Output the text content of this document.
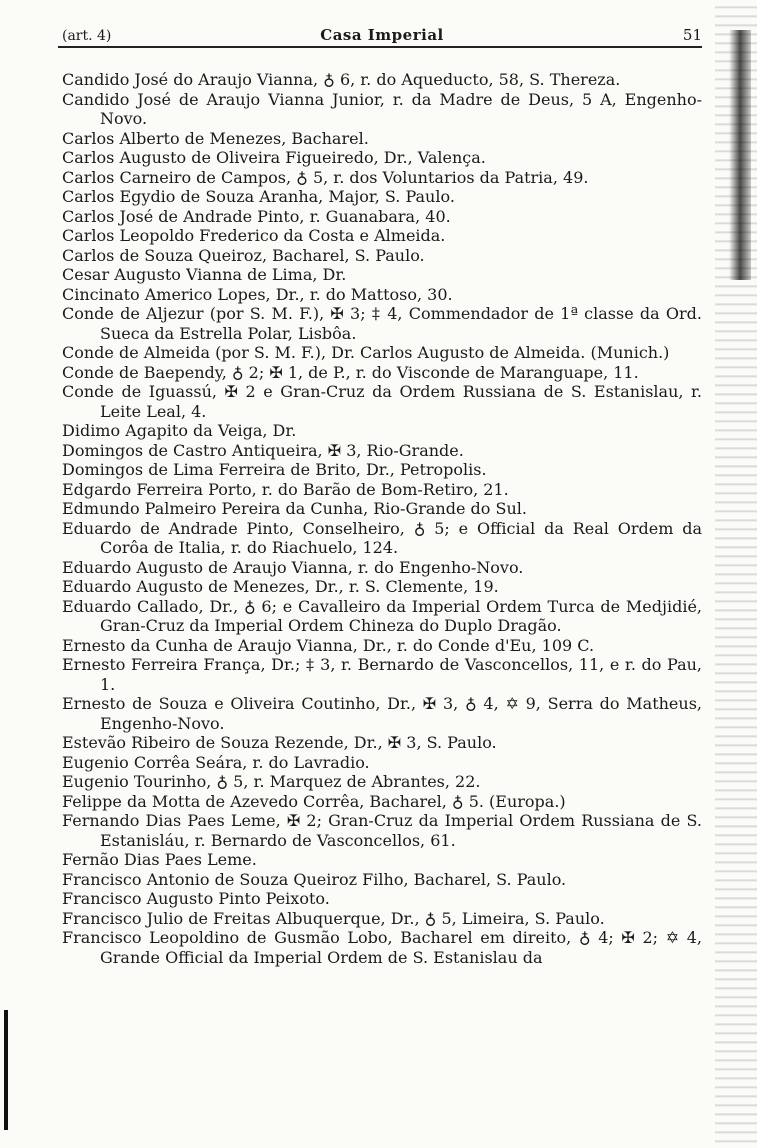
(art. 4)	Casa Imperial	51

Candido José do Araujo Vianna, ♁ 6, r. do Aqueducto, 58, S. Thereza.

Candido José de Araujo Vianna Junior, r. da Madre de Deus, 5 A, Engenho-Novo.

Carlos Alberto de Menezes, Bacharel.

Carlos Augusto de Oliveira Figueiredo, Dr., Valença.

Carlos Carneiro de Campos, ♁ 5, r. dos Voluntarios da Patria, 49.

Carlos Egydio de Souza Aranha, Major, S. Paulo.

Carlos José de Andrade Pinto, r. Guanabara, 40.

Carlos Leopoldo Frederico da Costa e Almeida.

Carlos de Souza Queiroz, Bacharel, S. Paulo.

Cesar Augusto Vianna de Lima, Dr.

Cincinato Americo Lopes, Dr., r. do Mattoso, 30.

Conde de Aljezur (por S. M. F.), ✠ 3; ‡ 4, Commendador de 1ª classe da Ord. Sueca da Estrella Polar, Lisbôa.

Conde de Almeida (por S. M. F.), Dr. Carlos Augusto de Almeida. (Munich.)

Conde de Baependy, ♁ 2; ✠ 1, de P., r. do Visconde de Maranguape, 11.

Conde de Iguassú, ✠ 2 e Gran-Cruz da Ordem Russiana de S. Estanislau, r. Leite Leal, 4.

Didimo Agapito da Veiga, Dr.

Domingos de Castro Antiqueira, ✠ 3, Rio-Grande.

Domingos de Lima Ferreira de Brito, Dr., Petropolis.

Edgardo Ferreira Porto, r. do Barão de Bom-Retiro, 21.

Edmundo Palmeiro Pereira da Cunha, Rio-Grande do Sul.

Eduardo de Andrade Pinto, Conselheiro, ♁ 5; e Official da Real Ordem da Corôa de Italia, r. do Riachuelo, 124.

Eduardo Augusto de Araujo Vianna, r. do Engenho-Novo.

Eduardo Augusto de Menezes, Dr., r. S. Clemente, 19.

Eduardo Callado, Dr., ♁ 6; e Cavalleiro da Imperial Ordem Turca de Medjidié, Gran-Cruz da Imperial Ordem Chineza do Duplo Dragão.

Ernesto da Cunha de Araujo Vianna, Dr., r. do Conde d'Eu, 109 C.

Ernesto Ferreira França, Dr.; ‡ 3, r. Bernardo de Vasconcellos, 11, e r. do Pau, 1.

Ernesto de Souza e Oliveira Coutinho, Dr., ✠ 3, ♁ 4, ✡ 9, Serra do Matheus, Engenho-Novo.

Estevão Ribeiro de Souza Rezende, Dr., ✠ 3, S. Paulo.

Eugenio Corrêa Seára, r. do Lavradio.

Eugenio Tourinho, ♁ 5, r. Marquez de Abrantes, 22.

Felippe da Motta de Azevedo Corrêa, Bacharel, ♁ 5. (Europa.)

Fernando Dias Paes Leme, ✠ 2; Gran-Cruz da Imperial Ordem Russiana de S. Estanisláu, r. Bernardo de Vasconcellos, 61.

Fernão Dias Paes Leme.

Francisco Antonio de Souza Queiroz Filho, Bacharel, S. Paulo.

Francisco Augusto Pinto Peixoto.

Francisco Julio de Freitas Albuquerque, Dr., ♁ 5, Limeira, S. Paulo.

Francisco Leopoldino de Gusmão Lobo, Bacharel em direito, ♁ 4; ✠ 2; ✡ 4, Grande Official da Imperial Ordem de S. Estanislau da
